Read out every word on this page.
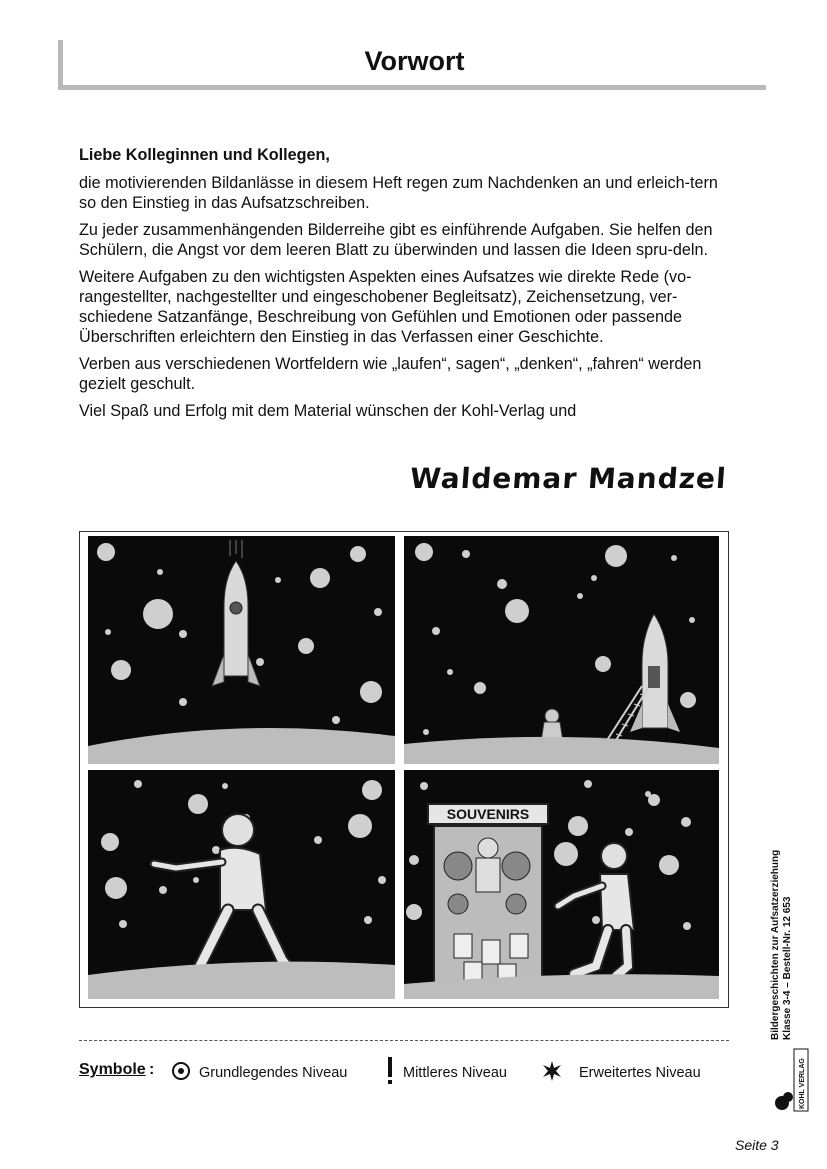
Vorwort

Liebe Kolleginnen und Kollegen,

die motivierenden Bildanlässe in diesem Heft regen zum Nachdenken an und erleich-tern so den Einstieg in das Aufsatzschreiben.

Zu jeder zusammenhängenden Bilderreihe gibt es einführende Aufgaben. Sie helfen den Schülern, die Angst vor dem leeren Blatt zu überwinden und lassen die Ideen spru-deln.

Weitere Aufgaben zu den wichtigsten Aspekten eines Aufsatzes wie direkte Rede (vo-rangestellter, nachgestellter und eingeschobener Begleitsatz), Zeichensetzung, ver-schiedene Satzanfänge, Beschreibung von Gefühlen und Emotionen oder passende Überschriften erleichtern den Einstieg in das Verfassen einer Geschichte.

Verben aus verschiedenen Wortfeldern wie „laufen“, sagen“, „denken“, „fahren“ werden gezielt geschult.

Viel Spaß und Erfolg mit dem Material wünschen der Kohl-Verlag und

Waldemar Mandzel
SOUVENIRS
Symbole :	Grundlegendes Niveau	Mittleres Niveau	Erweitertes Niveau
Bildergeschichten zur Aufsatzerziehung Klasse 3-4 – Bestell-Nr. 12 653
KOHL VERLAG
Seite 3
